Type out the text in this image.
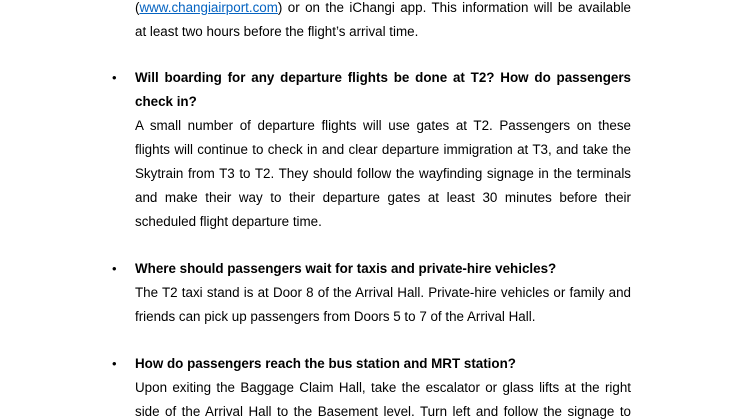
(www.changiairport.com) or on the iChangi app. This information will be available

at least two hours before the flight’s arrival time.

•	Will boarding for any departure flights be done at T2? How do passengers

check in?

A small number of departure flights will use gates at T2. Passengers on these

flights will continue to check in and clear departure immigration at T3, and take the

Skytrain from T3 to T2. They should follow the wayfinding signage in the terminals

and make their way to their departure gates at least 30 minutes before their

scheduled flight departure time.

•	Where should passengers wait for taxis and private-hire vehicles?

The T2 taxi stand is at Door 8 of the Arrival Hall. Private-hire vehicles or family and

friends can pick up passengers from Doors 5 to 7 of the Arrival Hall.

•	How do passengers reach the bus station and MRT station?

Upon exiting the Baggage Claim Hall, take the escalator or glass lifts at the right

side of the Arrival Hall to the Basement level. Turn left and follow the signage to
